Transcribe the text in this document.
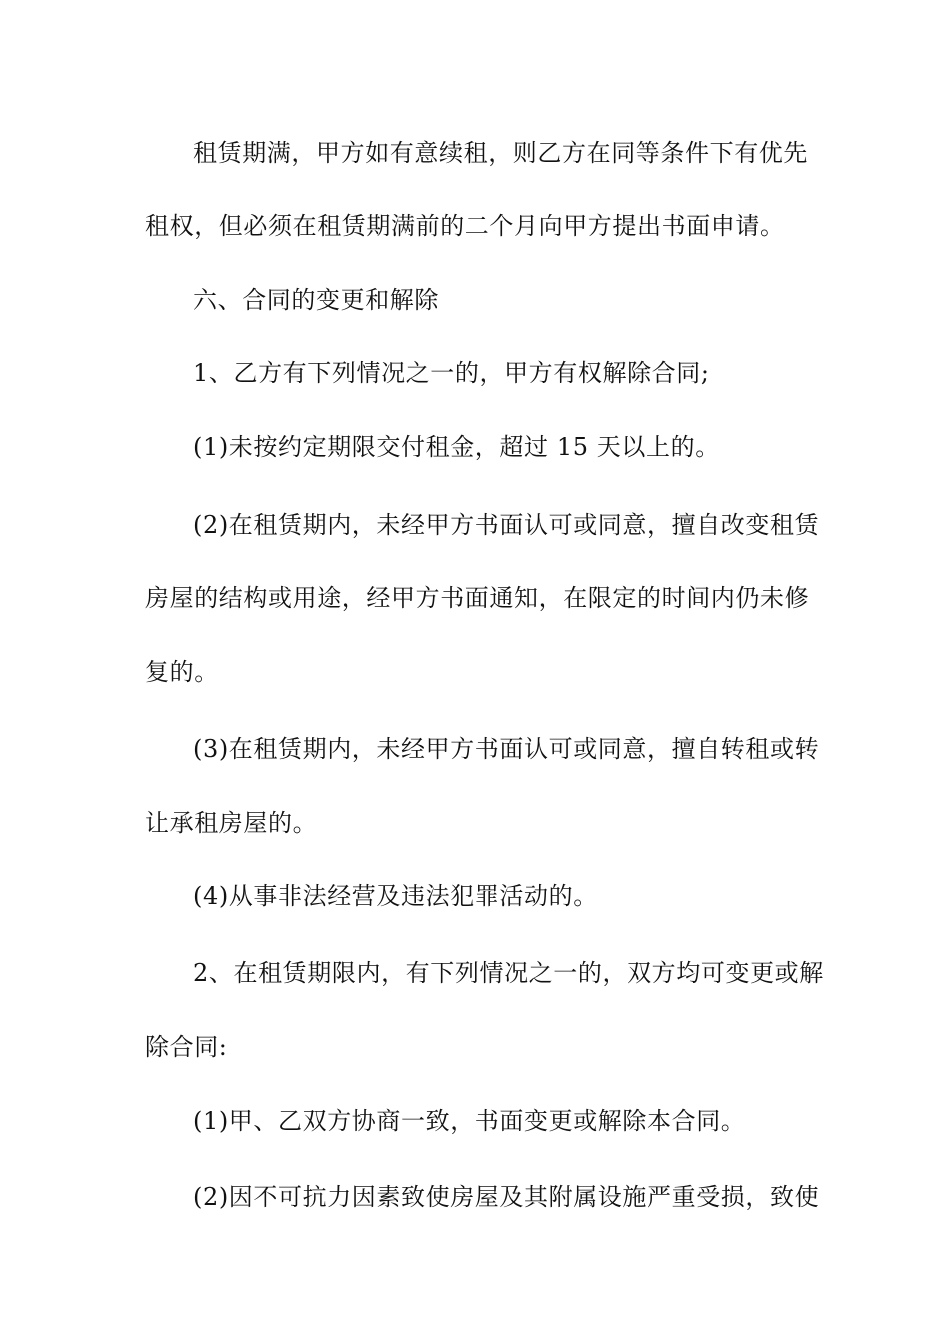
租赁期满，甲方如有意续租，则乙方在同等条件下有优先
租权，但必须在租赁期满前的二个月向甲方提出书面申请。
六、合同的变更和解除
1、乙方有下列情况之一的，甲方有权解除合同;
(1)未按约定期限交付租金，超过 15 天以上的。
(2)在租赁期内，未经甲方书面认可或同意，擅自改变租赁
房屋的结构或用途，经甲方书面通知，在限定的时间内仍未修
复的。
(3)在租赁期内，未经甲方书面认可或同意，擅自转租或转
让承租房屋的。
(4)从事非法经营及违法犯罪活动的。
2、在租赁期限内，有下列情况之一的，双方均可变更或解
除合同:
(1)甲、乙双方协商一致，书面变更或解除本合同。
(2)因不可抗力因素致使房屋及其附属设施严重受损，致使
